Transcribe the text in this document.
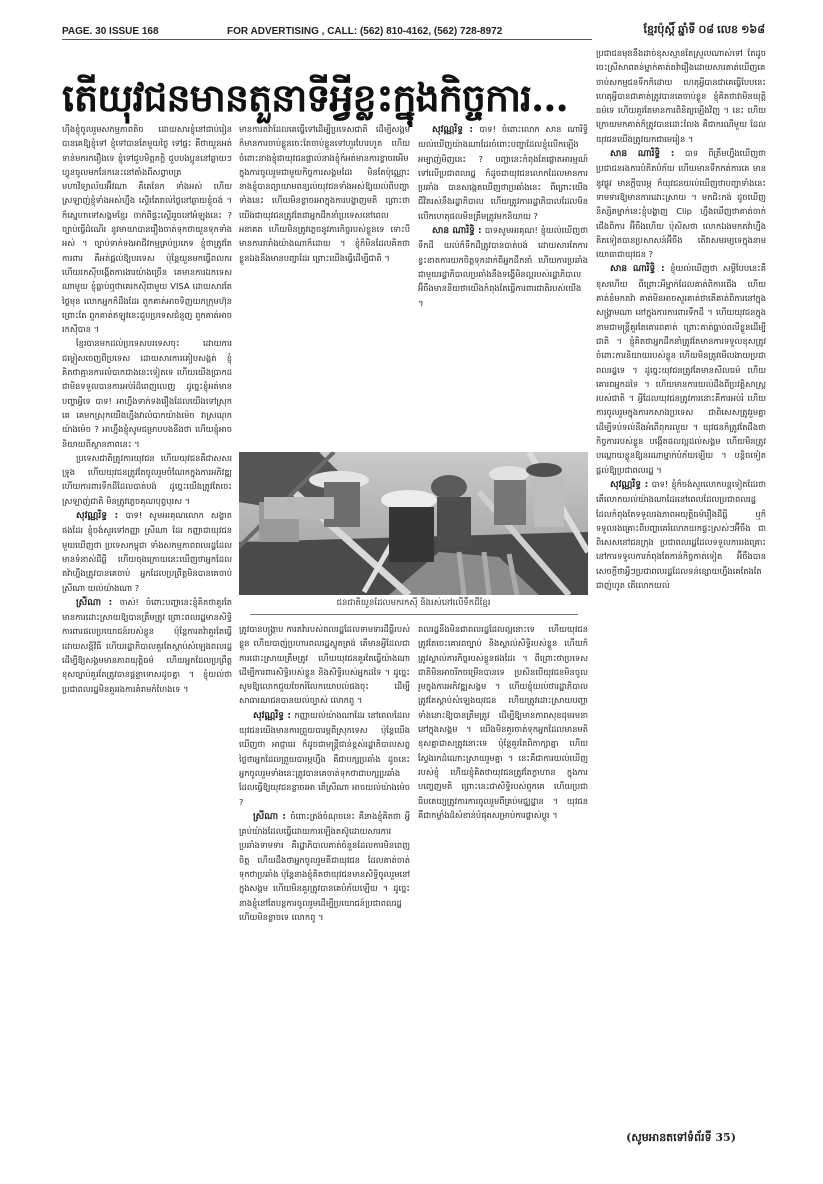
PAGE. 30 ISSUE 168	FOR ADVERTISING , CALL: (562) 810-4162, (562) 728-8972	ខ្មែរប៉ុស្តិ៍ ឆ្នាំទី ០៨ លេខ ១៦៨
តើយុវជនមានតួនាទីអ្វីខ្លះក្នុងកិច្ចការ...

ហ៊ីងខ្ញុំចូលរួមសកម្មភាពតិច ដោយសារខ្ញុំនៅជាប់រៀន បានគេឱ្យខ្ញុំទៅ ខ្ញុំទៅបានតែមួយថ្ងៃ ទៅផ្ទះ គឺថាយួនអត់ទាន់មករករឿងទេ ខ្ញុំទៅជួបមិត្តភក្តិ ជួបបងប្អូននៅឆ្ងាយៗ ហ្វូនចូលមកនែកនេះនៅតាំងពីសព្វាបត្រ មហាវិទ្យាល័យអ៊ីវណា គឺគេនែក ទាំងអស់ ហើយស្រឡាញ់ខ្ញុំទាំងអស់ហ្នឹង ស្ទើរតែរាល់ថ្ងៃនៅឆ្ងាយខ្ញុំចង់ ។ ក៏ស្នេហាទៅសង្គមខ្មែរ ចាក់ពីផ្ទះស្ទើររួចនៅអំឡុងនេះ ? ច្បាប់ធ្វើដំណើរ នូវមាយាបានរឿងចាត់ទុកថាយួនទុកទាំងអស់ ។ ច្បាប់ទាក់ទងអាជីវកម្មគ្រប់ប្រភេទ ខ្ញុំថាត្រូវតែការពារ គឺអត់ផ្តល់ឱ្យបរទេស ប៉ុន្តែយួនមកធ្វើពលករ ហើយរកស៊ីបង្កើតការងារយ៉ាងច្រើន គេមានការឯកទេសណាមួយ ខ្ញុំធ្លាប់ឮថាគេរកស៊ីជាមួយ VISA ដោយសារតែថ្ងៃមុន លោកអ្នកក៏ដឹងដែរ ពួកគាត់អាចទិញយកក្រុមហ៊ុន ព្រោះតែ ពួកគាត់ឥឡូវនេះជួបប្រទេសជំនួញ ពួកគាត់អាចរកស៊ីបាន ។

ខ្មែរបានមកដល់ប្រទេសបរទេសចុះ ដោយការជម្លៀសចេញពីប្រទេស ដោយសារការគៀបសង្កត់ ខ្ញុំគិតថាគ្មានការលំបាកជាងនេះទៀតទេ ហើយយើងប្រាកដជាមិនទទួលបានការអប់រំដ៏ពេញលេញ ដូច្នេះខ្ញុំអត់មានបញ្ហាអ្វីទេ បាទ! អាហ្នឹងទាក់ទងរឿងដែលយើងទៅស្រុកគេ គេមកស្រុកយើងហ្នឹងវាលំបាកយ៉ាងម៉េច វាស្រណុកយ៉ាងម៉េច ? អាហ្នឹងខ្ញុំសូមជម្រាបបងនឹងថា ហើយខ្ញុំអាចនិយាយពីស្ថានភាពនេះ ។

ប្រទេសជាតិត្រូវការយុវជន ហើយយុវជនគឺជាសសរទ្រូង ហើយយុវជនត្រូវតែចូលរួមចំណែកក្នុងការអភិវឌ្ឍ ហើយការពារទឹកដីដែលបាត់បង់ ដូច្នេះយើងត្រូវតែចេះស្រឡាញ់ជាតិ មិនត្រូវភ្លេចគុណបុព្វបុរស ។

សុវណ្ណរិទ្ធ : បាទ! សូមអរគុណលោក សង្ខាត ផងដែរ ខ្ញុំចង់សួរទៅកញ្ញា ស្រីណា ដែរ កញ្ញាជាយុវជនមួយឃើញថា ប្រទេសកម្ពុជា ទាំងសកម្មភាពពលរដ្ឋដែលមានទំនាស់ដីធ្លី ហើយចុងក្រោយនេះឃើញថាអ្នកដែលតវ៉ាហ្នឹងត្រូវបានគេចាប់ អ្នកដែលប្រព្រឹត្តមិនបានគេចាប់ ស្រីណា យល់យ៉ាងណា ?

ស្រីណា : ចាស់! ចំពោះបញ្ហានេះខ្ញុំគិតថាគួរតែមានការដោះស្រាយឱ្យបានត្រឹមត្រូវ ព្រោះពលរដ្ឋមានសិទ្ធិការពារផលប្រយោជន៍របស់ខ្លួន ប៉ុន្តែការតវ៉ាគួរតែធ្វើដោយសន្តិវិធី ហើយរដ្ឋាភិបាលគួរតែស្តាប់សំឡេងពលរដ្ឋ ដើម្បីឱ្យសង្គមមានភាពយុត្តិធម៌ ហើយអ្នកដែលប្រព្រឹត្តខុសច្បាប់គួរតែត្រូវបានផ្តន្ទាទោសដូចគ្នា ។ ខ្ញុំយល់ថាប្រជាពលរដ្ឋមិនគួររងការគំរាមកំហែងទេ ។

មានការតវ៉ាដែលគេធ្វើទៅដើម្បីប្រទេសជាតិ ដើម្បីសង្គម ក៏មានការចាប់ខ្លួនចេះតែចាប់ខ្លួនទៅហួរហែរហូត ហើយចំពោះនាងខ្ញុំជាយុវជនផ្ទាល់នាងខ្ញុំក៏អត់មានការខ្លាចរអើមក្នុងការចូលរួមជាមួយកិច្ចការសង្គមដែរ មិនតែប៉ុណ្ណោះ នាងខ្ញុំបានព្យាយាមពន្យល់យុវជនទាំងអស់ឱ្យយល់ពីបញ្ហាទាំងនេះ ហើយមិនខ្លាចរអាក្នុងការបង្ហាញមតិ ព្រោះថាយើងជាយុវជនត្រូវតែជាអ្នកដឹកនាំប្រទេសនៅពេលអនាគត ហើយមិនត្រូវភ្លេចនូវភារកិច្ចរបស់ខ្លួនទេ ទោះបីមានការរារាំងយ៉ាងណាក៏ដោយ ។ ខ្ញុំក៏មិនដែលគិតថាខ្លួនឯងនឹងមានបញ្ហាដែរ ព្រោះយើងធ្វើដើម្បីជាតិ ។

សុវណ្ណរិទ្ធ : បាទ! ចំពោះលោក សាន ណារិទ្ធិ យល់ឃើញយ៉ាងណាដែរចំពោះបញ្ហាដែលខ្ញុំលើកឡើងអម្បាញ់មិញនេះ ? បញ្ហានេះកំពុងតែផ្តោតអារម្មណ៍ទៅលើប្រជាពលរដ្ឋ ក៏ដូចជាយុវជនលោកដែលមានការប្រឆាំង បានសង្កេតឃើញថាប្រឆាំងនេះ ពីព្រោះយើងជីវិតរស់នឹងរដ្ឋាភិបាល ហើយត្រូវការរដ្ឋាភិបាលដែលមិនលើកហេតុផលមិនត្រឹមត្រូវមកនិយាយ ?

សាន ណារិទ្ធិ : បាទសូមអរគុណ! ខ្ញុំយល់ឃើញថាទឹកដី យល់ក៏ទឹកដីត្រូវបានបាត់បង់ ដោយសារតែការខ្វះខាតការយកចិត្តទុកដាក់ពីអ្នកដឹកនាំ ហើយការប្រឆាំងជាមួយរដ្ឋាភិបាលប្រឆាំងនឹងទង្វើមិនល្អរបស់រដ្ឋាភិបាល អ៊ីចឹងមាននីយថាយើងកំពុងតែធ្វើការពារជាតិរបស់យើង ។

ប្រជាជនមុននឹងដាច់ខុសស្មានតែស្រួលណាស់ទៅ តែដូចចេះស្រីសាពតន់ម្នាក់គាត់តវ៉ារឿងដោយសារគាត់ឃើញគេចាប់សកម្មជនទឹកក៏ដោយ ហេតុអ្វីបានជាគេធ្វើបែបនេះ ហេតុអ្វីបានជាគាត់ត្រូវបានគេចាប់ខ្លួន ខ្ញុំគិតថាវាមិនយុត្តិធម៌ទេ ហើយគួរតែមានការពិនិត្យឡើងវិញ ។ នេះ ហើយក្រោយមកគាត់ក៏ត្រូវបានដោះលែង គឺជាករណីមួយ ដែលយុវជនយើងត្រូវយកជាមេរៀន ។

សាន ណារិទ្ធិ : បាទ ពីត្រឹមហ្នឹងឃើញថាប្រជាជនរងការបំភិតបំភ័យ ហើយមានទឹកកត់ការគេ មាននូវផ្លូវ មានក្តីបារម្ភ ក៏យុវជនយល់ឃើញថាបញ្ហាទាំងនេះទាមទារឱ្យមានការដោះស្រាយ ។ មកជិះកង់ ដូចឃើញនិស្សិតម្នាក់នេះខ្ញុំបង្ហាញ Clip ហ្នឹងឃើញថាគាត់ចាក់ជើងពិការ អ៊ីចឹងហើយ ប៉ុសិសថា លោកឯងមកតវ៉ាហ្នឹងគិតទៀតបានប្រសាសន៍អ៊ីចឹង តើវាសមរម្យទេក្នុងនាមយោធាជាយុវជន ?

សាន ណារិទ្ធិ : ខ្ញុំយល់ឃើញថា សម្តីបែបនេះគឺខុសហើយ ពីព្រោះអីម្នាក់ដែលគាត់ពិការជើង ហើយគាត់ខំមកតវ៉ា គាត់មិនអាចសួរគាត់ថាតើគាត់ពិការនៅក្នុងសង្គ្រាមណា នៅក្នុងការការពារទឹកដី ។ ហើយយុវជនក្នុងនាមជាមន្ត្រីគួរតែគោរពគាត់ ព្រោះគាត់ធ្លាប់ពលីខ្លួនដើម្បីជាតិ ។ ខ្ញុំគិតថាអ្នកដឹកនាំត្រូវតែមានការទទួលខុសត្រូវចំពោះការនិយាយរបស់ខ្លួន ហើយមិនត្រូវមើលងាយប្រជាពលរដ្ឋទេ ។ ដូច្នេះយុវជនត្រូវតែមានសីលធម៌ ហើយគោរពអ្នកដទៃ ។ ហើយមានការយល់ដឹងពីប្រវត្តិសាស្ត្ររបស់ជាតិ ។ អ្វីដែលយុវជនត្រូវការនោះគឺការអប់រំ ហើយការចូលរួមក្នុងការកសាងប្រទេស ជាពិសេសត្រូវរួមគ្នាដើម្បីទប់ទល់នឹងអំពើពុករលួយ ។ យុវជនក៏ត្រូវតែដឹងថាកិច្ចការរបស់ខ្លួន បង្កើតផលល្អដល់សង្គម ហើយមិនត្រូវបណ្តោយខ្លួនឱ្យនរណាម្នាក់បំភ័យឡើយ ។ បន្តិចទៀតផ្តល់ឱ្យប្រជាពលរដ្ឋ ។

សុវណ្ណរិទ្ធ : បាទ! ខ្ញុំក៏ចង់សួរលោកបន្តទៀតដែរថា តើលោកយល់យ៉ាងណាដែរនៅពេលដែលប្រជាពលរដ្ឋដែលកំពុងតែទទួលរងភាពអយុត្តិធម៌រឿងដីធ្លី ឬក៏ទទួលរងគ្រោះពីបញ្ហាគេរំលោភយកផ្ទះស្រស់ៗអ៊ីចឹង ជាពិសេសនៅជនក្រុង ប្រជាពលរដ្ឋដែលទទួលការរងគ្រោះនៅការទទួលការកំពុងតែកាន់កិច្ចកាត់ទៀត អ៊ីចឹងបានសេចក្តីថាអ្វីៗប្រជាពលរដ្ឋដែលទន់ខ្សោយហ្នឹងគេតែងតែជាញ់ហូត តើលោកយល់

ជនជាតិយួនដែលមករកស៊ី និងរស់នៅលើទឹកដីខ្មែរ

ត្រូវបានបង្ក្រាប ការតវ៉ារបស់ពលរដ្ឋដែលទាមទារដីធ្លីរបស់ខ្លួន ហើយបាញ់ប្រហារពលរដ្ឋស្លូតត្រង់ តើមានអ្វីដែលជាការដោះស្រាយត្រឹមត្រូវ ហើយយុវជនគួរតែធ្វើយ៉ាងណាដើម្បីការពារសិទ្ធិរបស់ខ្លួន និងសិទ្ធិរបស់អ្នកដទៃ ។ ដូច្នេះសូមឱ្យលោកជួយចែករំលែកយោបល់ផងចុះ ដើម្បីសាធារណជនបានយល់ច្បាស់ លោកពូ ។

សុវណ្ណរិទ្ធ : កញ្ញាយល់យ៉ាងណាដែរ នៅពេលដែលយុវជនយើងមានការព្រួយបារម្ភពីស្រុកទេស ប៉ុន្តែយើងឃើញថា អាជ្ញាធរ ក៏ដូចជាមន្ត្រីជាន់ខ្ពស់រដ្ឋាភិបាលសព្វថ្ងៃថាអ្នកដែលព្រួយបារម្ភហ្នឹង គឺជាបក្សប្រឆាំង ដូចនេះអ្នកចូលរួមទាំងនេះត្រូវបានគេចាត់ទុកថាជាបក្សប្រឆាំង ដែលធ្វើឱ្យយុវជនខ្លាចរអា តើស្រីណា អាចយល់យ៉ាងម៉េច ?

ស្រីណា : ចំពោះត្រង់ចំណុចនេះ គឺនាងខ្ញុំគិតថា អ្វីគ្រប់យ៉ាងដែលធ្វើដោយការឡើងតស៊ូដោយសារការប្រឆាំងទាមទារ គឺរដ្ឋាភិបាលគាត់ចំនួនដែលការមិនពេញចិត្ត ហើយដឹងថាអ្នកចូលរួមគឺជាយុវជន ដែលគាត់ចាត់ទុកថាប្រឆាំង ប៉ុន្តែនាងខ្ញុំគិតថាយុវជនមានសិទ្ធិចូលរួមនៅក្នុងសង្គម ហើយមិនគួរត្រូវបានគេបំភ័យឡើយ ។ ដូច្នេះនាងខ្ញុំនៅតែបន្តការចូលរួមដើម្បីប្រយោជន៍ប្រជាពលរដ្ឋ ហើយមិនខ្លាចទេ លោកពូ ។

ពលរដ្ឋនឹងមិនជាពលរដ្ឋដែលល្អនោះទេ ហើយយុវជនត្រូវតែចេះគោរពច្បាប់ និងស្គាល់សិទ្ធិរបស់ខ្លួន ហើយក៏ត្រូវស្គាល់ភារកិច្ចរបស់ខ្លួនផងដែរ ។ ពីព្រោះថាប្រទេសជាតិមិនអាចរីកចម្រើនបានទេ ប្រសិនបើយុវជនមិនចូលរួមក្នុងការអភិវឌ្ឍសង្គម ។ ហើយខ្ញុំយល់ថារដ្ឋាភិបាលត្រូវតែស្តាប់សំឡេងយុវជន ហើយត្រូវដោះស្រាយបញ្ហាទាំងនោះឱ្យបានត្រឹមត្រូវ ដើម្បីឱ្យមានភាពសុខដុមរមនានៅក្នុងសង្គម ។ យើងមិនគួរចាត់ទុកអ្នកដែលមានមតិខុសគ្នាជាសត្រូវនោះទេ ប៉ុន្តែគួរតែពិភាក្សាគ្នា ហើយស្វែងរកដំណោះស្រាយរួមគ្នា ។ នេះគឺជាការយល់ឃើញរបស់ខ្ញុំ ហើយខ្ញុំគិតថាយុវជនត្រូវតែក្លាហាន ក្នុងការបញ្ចេញមតិ ព្រោះនេះជាសិទ្ធិរបស់ពួកគេ ហើយប្រជាធិបតេយ្យត្រូវការការចូលរួមពីគ្រប់មជ្ឈដ្ឋាន ។ យុវជនគឺជាកម្លាំងដ៏សំខាន់បំផុតសម្រាប់ការផ្លាស់ប្តូរ ។

(សូមអានតទៅទំព័រទី 35)
